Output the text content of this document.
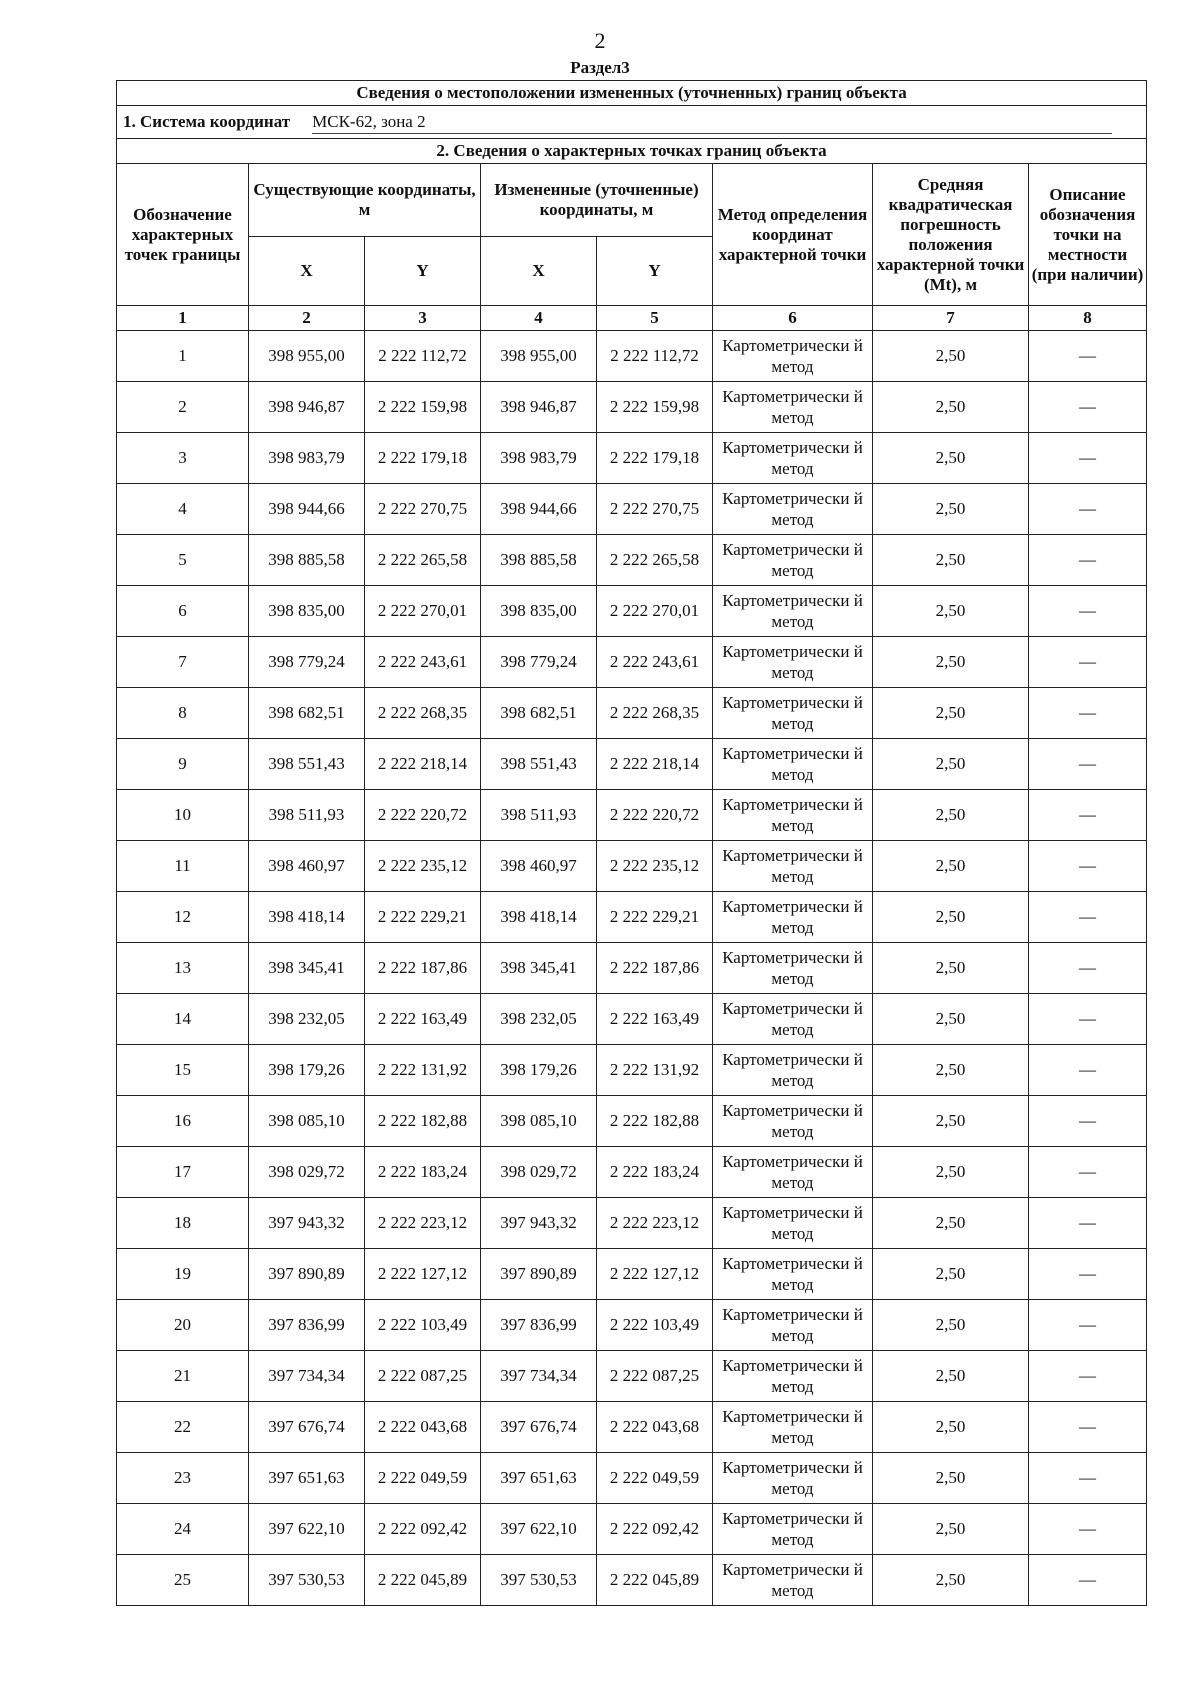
2
Раздел3
Сведения о местоположении измененных (уточненных) границ объекта							
1. Система координат МСК-62, зона 2							
2. Сведения о характерных точках границ объекта							
Обозначение характерных точек границы	Существующие координаты, м		Измененные (уточненные) координаты, м		Метод определения координат характерной точки	Средняя квадратическая погрешность положения характерной точки (Mt), м	Описание обозначения точки на местности (при наличии)
	X	Y	X	Y			
1	2	3	4	5	6	7	8
1	398 955,00	2 222 112,72	398 955,00	2 222 112,72	Картометрически й метод	2,50	—
2	398 946,87	2 222 159,98	398 946,87	2 222 159,98	Картометрически й метод	2,50	—
3	398 983,79	2 222 179,18	398 983,79	2 222 179,18	Картометрически й метод	2,50	—
4	398 944,66	2 222 270,75	398 944,66	2 222 270,75	Картометрически й метод	2,50	—
5	398 885,58	2 222 265,58	398 885,58	2 222 265,58	Картометрически й метод	2,50	—
6	398 835,00	2 222 270,01	398 835,00	2 222 270,01	Картометрически й метод	2,50	—
7	398 779,24	2 222 243,61	398 779,24	2 222 243,61	Картометрически й метод	2,50	—
8	398 682,51	2 222 268,35	398 682,51	2 222 268,35	Картометрически й метод	2,50	—
9	398 551,43	2 222 218,14	398 551,43	2 222 218,14	Картометрически й метод	2,50	—
10	398 511,93	2 222 220,72	398 511,93	2 222 220,72	Картометрически й метод	2,50	—
11	398 460,97	2 222 235,12	398 460,97	2 222 235,12	Картометрически й метод	2,50	—
12	398 418,14	2 222 229,21	398 418,14	2 222 229,21	Картометрически й метод	2,50	—
13	398 345,41	2 222 187,86	398 345,41	2 222 187,86	Картометрически й метод	2,50	—
14	398 232,05	2 222 163,49	398 232,05	2 222 163,49	Картометрически й метод	2,50	—
15	398 179,26	2 222 131,92	398 179,26	2 222 131,92	Картометрически й метод	2,50	—
16	398 085,10	2 222 182,88	398 085,10	2 222 182,88	Картометрически й метод	2,50	—
17	398 029,72	2 222 183,24	398 029,72	2 222 183,24	Картометрически й метод	2,50	—
18	397 943,32	2 222 223,12	397 943,32	2 222 223,12	Картометрически й метод	2,50	—
19	397 890,89	2 222 127,12	397 890,89	2 222 127,12	Картометрически й метод	2,50	—
20	397 836,99	2 222 103,49	397 836,99	2 222 103,49	Картометрически й метод	2,50	—
21	397 734,34	2 222 087,25	397 734,34	2 222 087,25	Картометрически й метод	2,50	—
22	397 676,74	2 222 043,68	397 676,74	2 222 043,68	Картометрически й метод	2,50	—
23	397 651,63	2 222 049,59	397 651,63	2 222 049,59	Картометрически й метод	2,50	—
24	397 622,10	2 222 092,42	397 622,10	2 222 092,42	Картометрически й метод	2,50	—
25	397 530,53	2 222 045,89	397 530,53	2 222 045,89	Картометрически й метод	2,50	—
